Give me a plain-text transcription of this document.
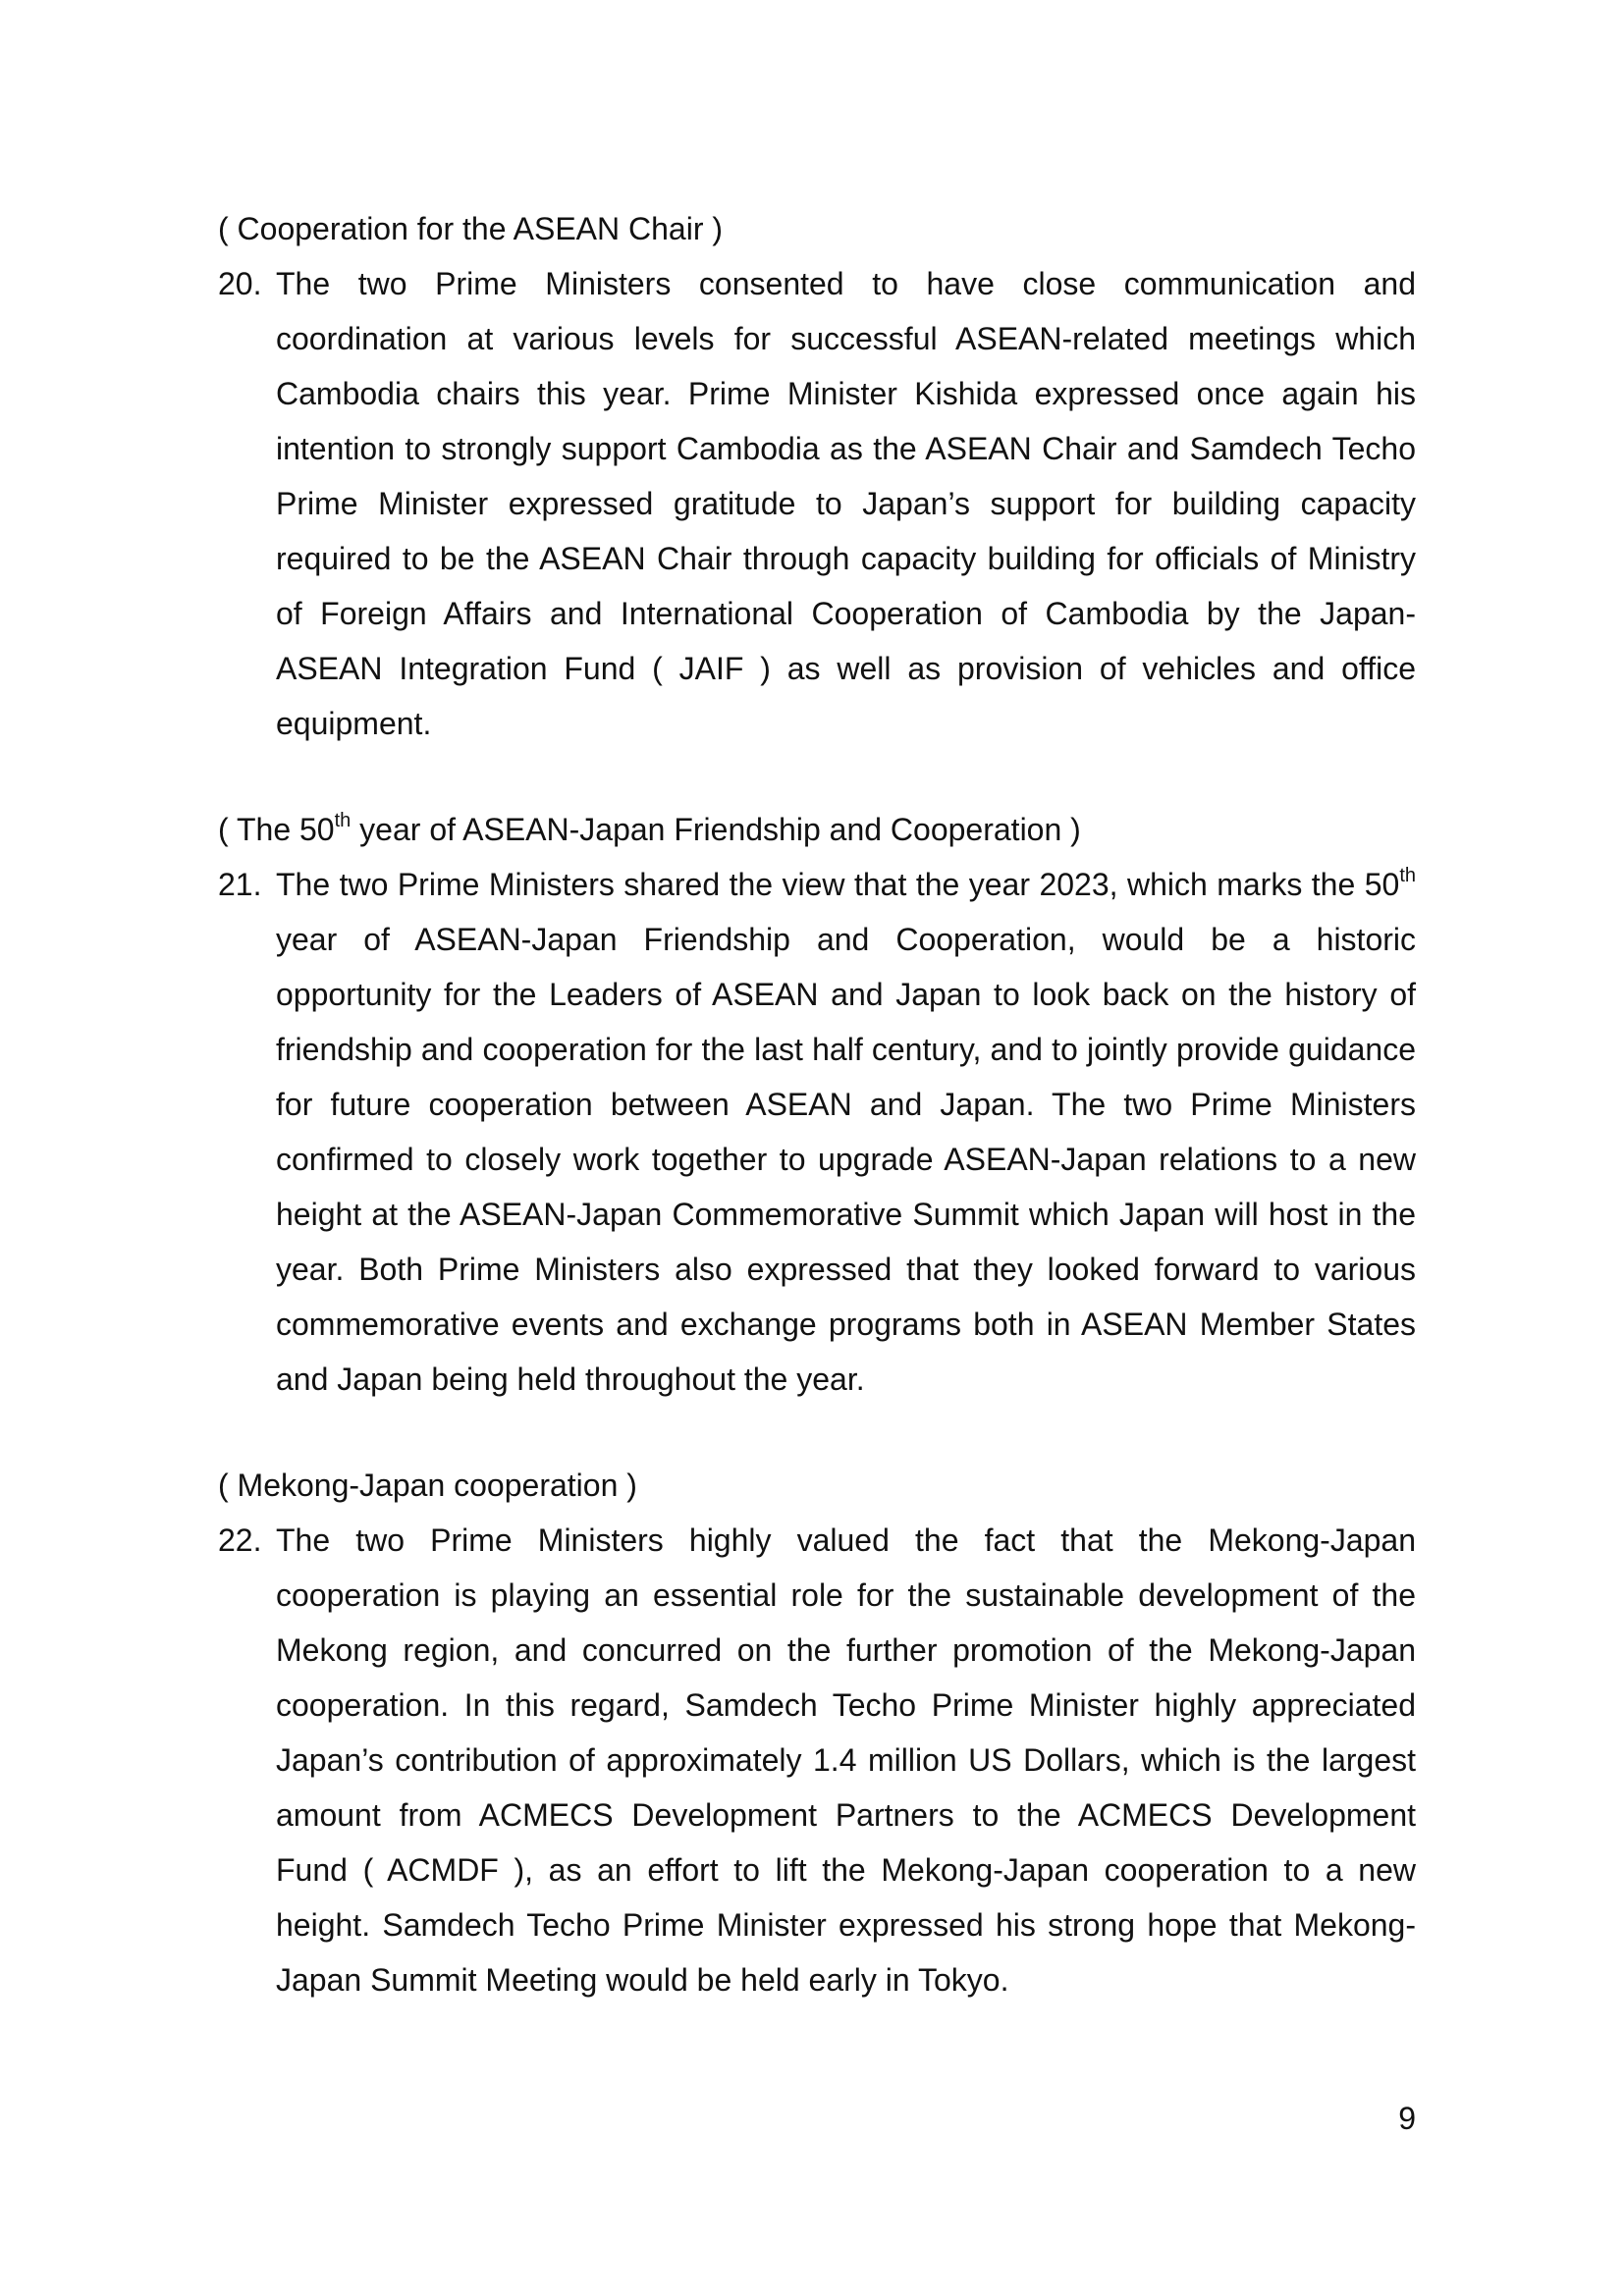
( Cooperation for the ASEAN Chair )

20. The two Prime Ministers consented to have close communication and coordination at various levels for successful ASEAN-related meetings which Cambodia chairs this year. Prime Minister Kishida expressed once again his intention to strongly support Cambodia as the ASEAN Chair and Samdech Techo Prime Minister expressed gratitude to Japan’s support for building capacity required to be the ASEAN Chair through capacity building for officials of Ministry of Foreign Affairs and International Cooperation of Cambodia by the Japan-ASEAN Integration Fund ( JAIF ) as well as provision of vehicles and office equipment.

( The 50th year of ASEAN-Japan Friendship and Cooperation )

21. The two Prime Ministers shared the view that the year 2023, which marks the 50th year of ASEAN-Japan Friendship and Cooperation, would be a historic opportunity for the Leaders of ASEAN and Japan to look back on the history of friendship and cooperation for the last half century, and to jointly provide guidance for future cooperation between ASEAN and Japan. The two Prime Ministers confirmed to closely work together to upgrade ASEAN-Japan relations to a new height at the ASEAN-Japan Commemorative Summit which Japan will host in the year. Both Prime Ministers also expressed that they looked forward to various commemorative events and exchange programs both in ASEAN Member States and Japan being held throughout the year.

( Mekong-Japan cooperation )

22. The two Prime Ministers highly valued the fact that the Mekong-Japan cooperation is playing an essential role for the sustainable development of the Mekong region, and concurred on the further promotion of the Mekong-Japan cooperation. In this regard, Samdech Techo Prime Minister highly appreciated Japan’s contribution of approximately 1.4 million US Dollars, which is the largest amount from ACMECS Development Partners to the ACMECS Development Fund ( ACMDF ), as an effort to lift the Mekong-Japan cooperation to a new height. Samdech Techo Prime Minister expressed his strong hope that Mekong-Japan Summit Meeting would be held early in Tokyo.

9
